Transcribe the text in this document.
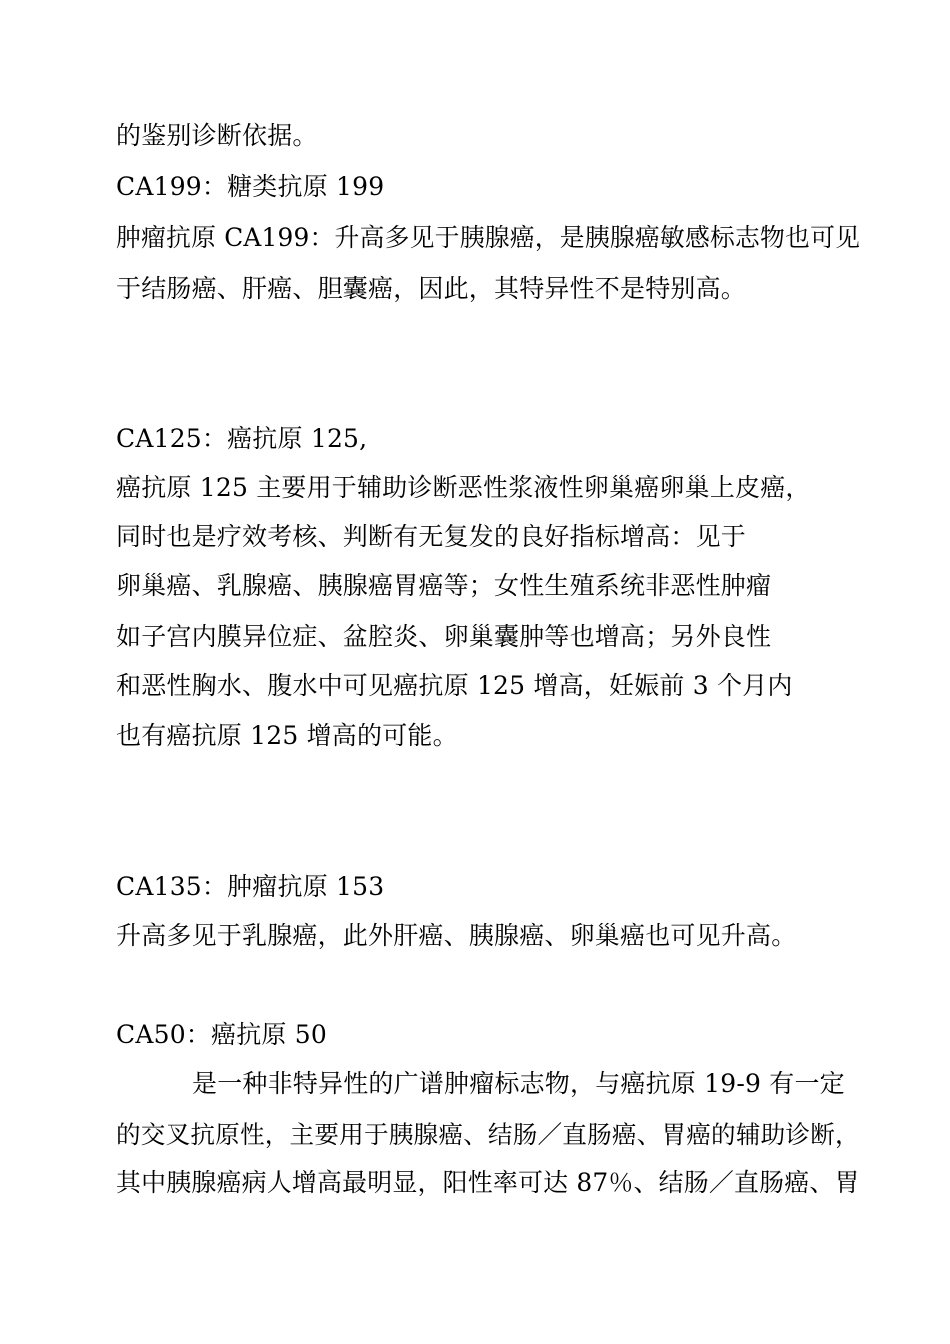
的鉴别诊断依据。
CA199：糖类抗原 199
肿瘤抗原 CA199：升高多见于胰腺癌，是胰腺癌敏感标志物也可见
于结肠癌、肝癌、胆囊癌，因此，其特异性不是特别高。
CA125：癌抗原 125,
癌抗原 125 主要用于辅助诊断恶性浆液性卵巢癌卵巢上皮癌，
同时也是疗效考核、判断有无复发的良好指标增高：见于
卵巢癌、乳腺癌、胰腺癌胃癌等；女性生殖系统非恶性肿瘤
如子宫内膜异位症、盆腔炎、卵巢囊肿等也增高；另外良性
和恶性胸水、腹水中可见癌抗原 125 增高，妊娠前 3 个月内
也有癌抗原 125 增高的可能。
CA135：肿瘤抗原 153
升高多见于乳腺癌，此外肝癌、胰腺癌、卵巢癌也可见升高。
CA50：癌抗原 50
是一种非特异性的广谱肿瘤标志物，与癌抗原 19-9 有一定
的交叉抗原性，主要用于胰腺癌、结肠／直肠癌、胃癌的辅助诊断，
其中胰腺癌病人增高最明显，阳性率可达 87％、结肠／直肠癌、胃
